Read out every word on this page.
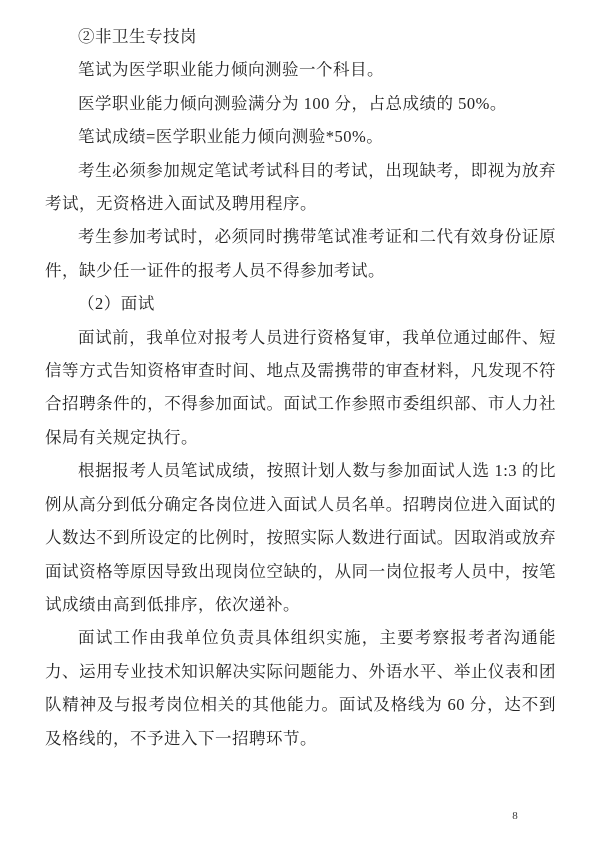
②非卫生专技岗

笔试为医学职业能力倾向测验一个科目。

医学职业能力倾向测验满分为 100 分，占总成绩的 50%。

笔试成绩=医学职业能力倾向测验*50%。

考生必须参加规定笔试考试科目的考试，出现缺考，即视为放弃考试，无资格进入面试及聘用程序。

考生参加考试时，必须同时携带笔试准考证和二代有效身份证原件，缺少任一证件的报考人员不得参加考试。

（2）面试

面试前，我单位对报考人员进行资格复审，我单位通过邮件、短信等方式告知资格审查时间、地点及需携带的审查材料，凡发现不符合招聘条件的，不得参加面试。面试工作参照市委组织部、市人力社保局有关规定执行。

根据报考人员笔试成绩，按照计划人数与参加面试人选 1:3 的比例从高分到低分确定各岗位进入面试人员名单。招聘岗位进入面试的人数达不到所设定的比例时，按照实际人数进行面试。因取消或放弃面试资格等原因导致出现岗位空缺的，从同一岗位报考人员中，按笔试成绩由高到低排序，依次递补。

面试工作由我单位负责具体组织实施，主要考察报考者沟通能力、运用专业技术知识解决实际问题能力、外语水平、举止仪表和团队精神及与报考岗位相关的其他能力。面试及格线为 60 分，达不到及格线的，不予进入下一招聘环节。

8
